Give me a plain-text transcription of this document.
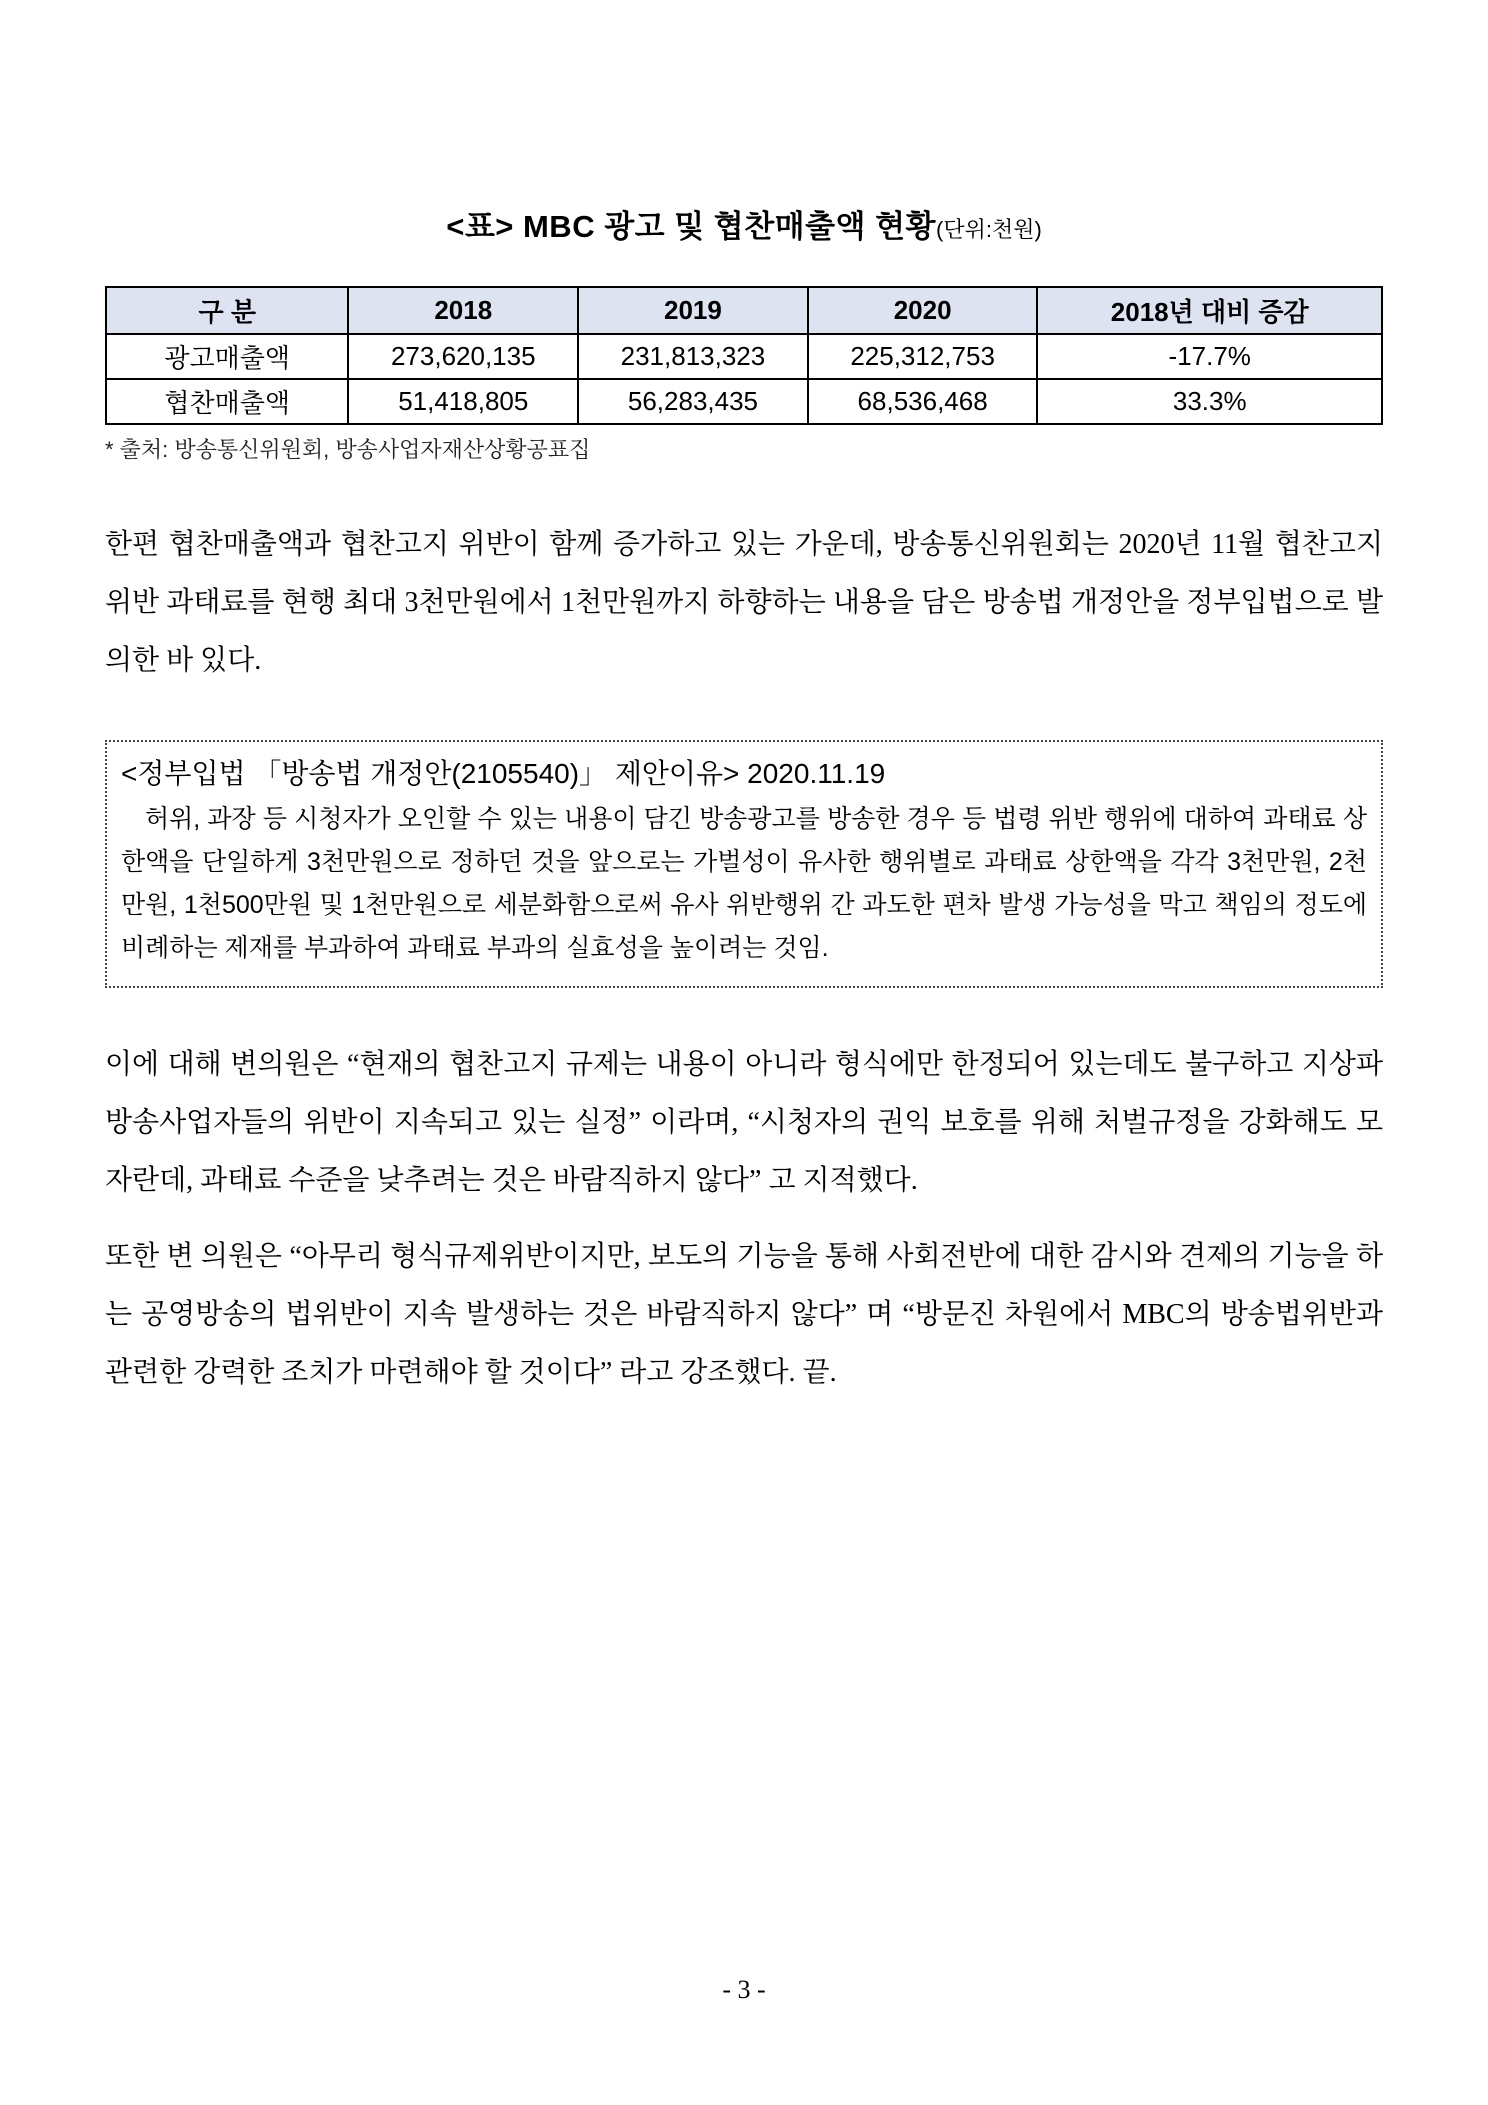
<표> MBC 광고 및 협찬매출액 현황(단위:천원)
구 분	2018	2019	2020	2018년 대비 증감
광고매출액	273,620,135	231,813,323	225,312,753	-17.7%
협찬매출액	51,418,805	56,283,435	68,536,468	33.3%
* 출처: 방송통신위원회, 방송사업자재산상황공표집

한편 협찬매출액과 협찬고지 위반이 함께 증가하고 있는 가운데, 방송통신위원회는 2020년 11월 협찬고지 위반 과태료를 현행 최대 3천만원에서 1천만원까지 하향하는 내용을 담은 방송법 개정안을 정부입법으로 발의한 바 있다.

<정부입법 「방송법 개정안(2105540)」 제안이유> 2020.11.19
허위, 과장 등 시청자가 오인할 수 있는 내용이 담긴 방송광고를 방송한 경우 등 법령 위반 행위에 대하여 과태료 상한액을 단일하게 3천만원으로 정하던 것을 앞으로는 가벌성이 유사한 행위별로 과태료 상한액을 각각 3천만원, 2천만원, 1천500만원 및 1천만원으로 세분화함으로써 유사 위반행위 간 과도한 편차 발생 가능성을 막고 책임의 정도에 비례하는 제재를 부과하여 과태료 부과의 실효성을 높이려는 것임.

이에 대해 변의원은 “현재의 협찬고지 규제는 내용이 아니라 형식에만 한정되어 있는데도 불구하고 지상파방송사업자들의 위반이 지속되고 있는 실정” 이라며, “시청자의 권익 보호를 위해 처벌규정을 강화해도 모자란데, 과태료 수준을 낮추려는 것은 바람직하지 않다” 고 지적했다.

또한 변 의원은 “아무리 형식규제위반이지만, 보도의 기능을 통해 사회전반에 대한 감시와 견제의 기능을 하는 공영방송의 법위반이 지속 발생하는 것은 바람직하지 않다” 며 “방문진 차원에서 MBC의 방송법위반과 관련한 강력한 조치가 마련해야 할 것이다” 라고 강조했다. 끝.

- 3 -
